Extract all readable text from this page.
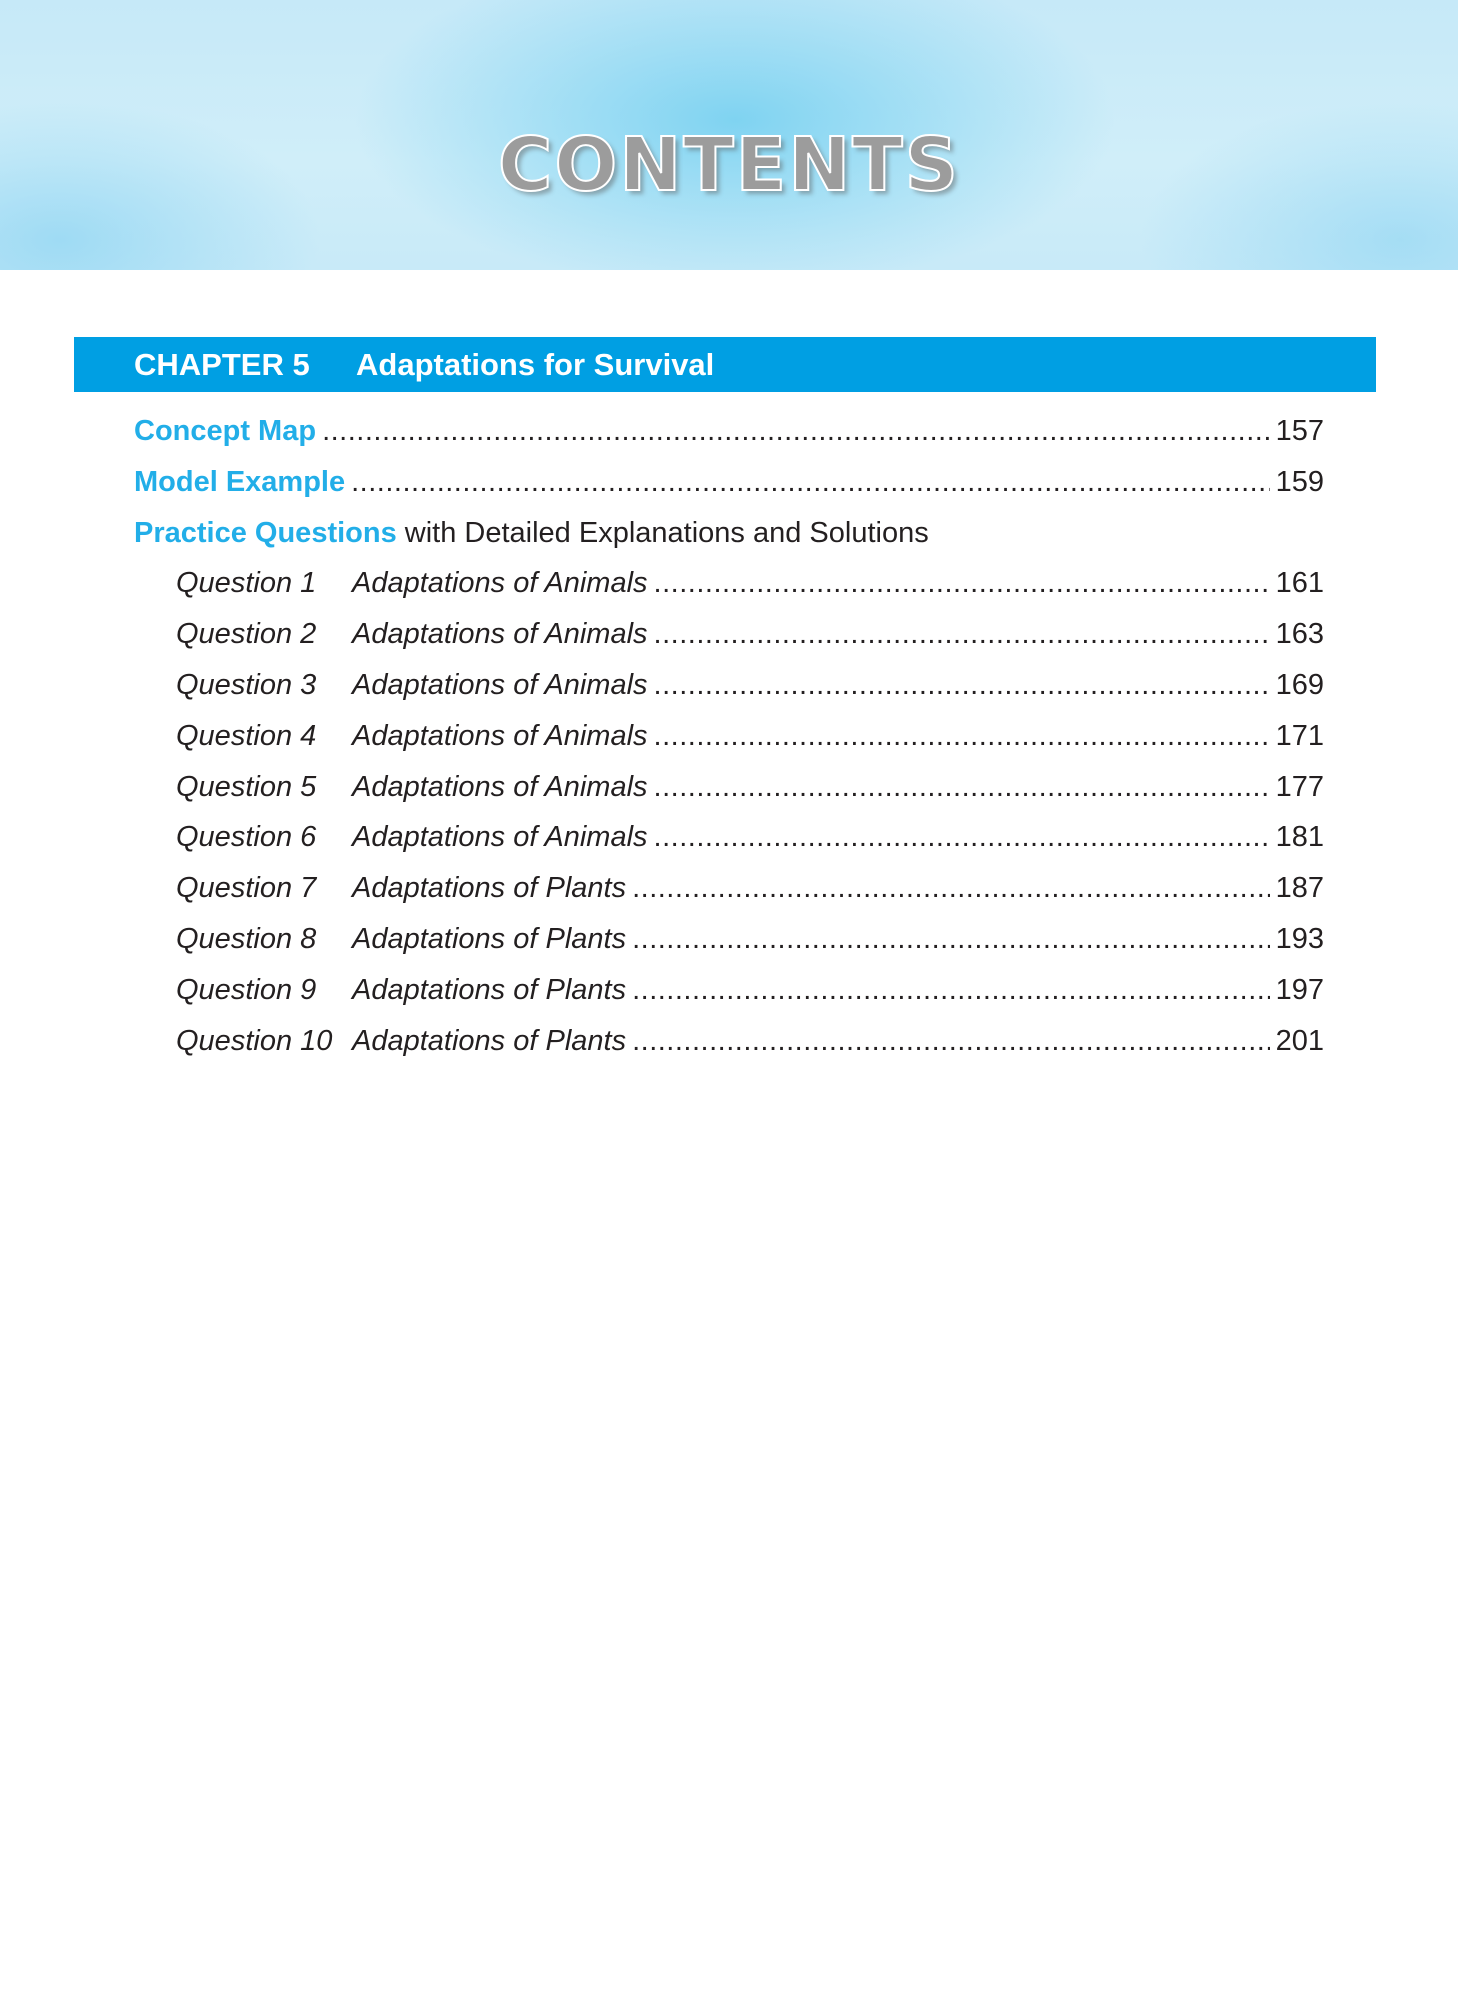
CONTENTS
CHAPTER 5 Adaptations for Survival
Concept Map .....	157
Model Example .....	159
Practice Questions
with Detailed Explanations and Solutions
Question 1	Adaptations of Animals .....	161
Question 2	Adaptations of Animals .....	163
Question 3	Adaptations of Animals .....	169
Question 4	Adaptations of Animals .....	171
Question 5	Adaptations of Animals .....	177
Question 6	Adaptations of Animals .....	181
Question 7	Adaptations of Plants .....	187
Question 8	Adaptations of Plants .....	193
Question 9	Adaptations of Plants .....	197
Question 10 Adaptations of Plants .....	201
